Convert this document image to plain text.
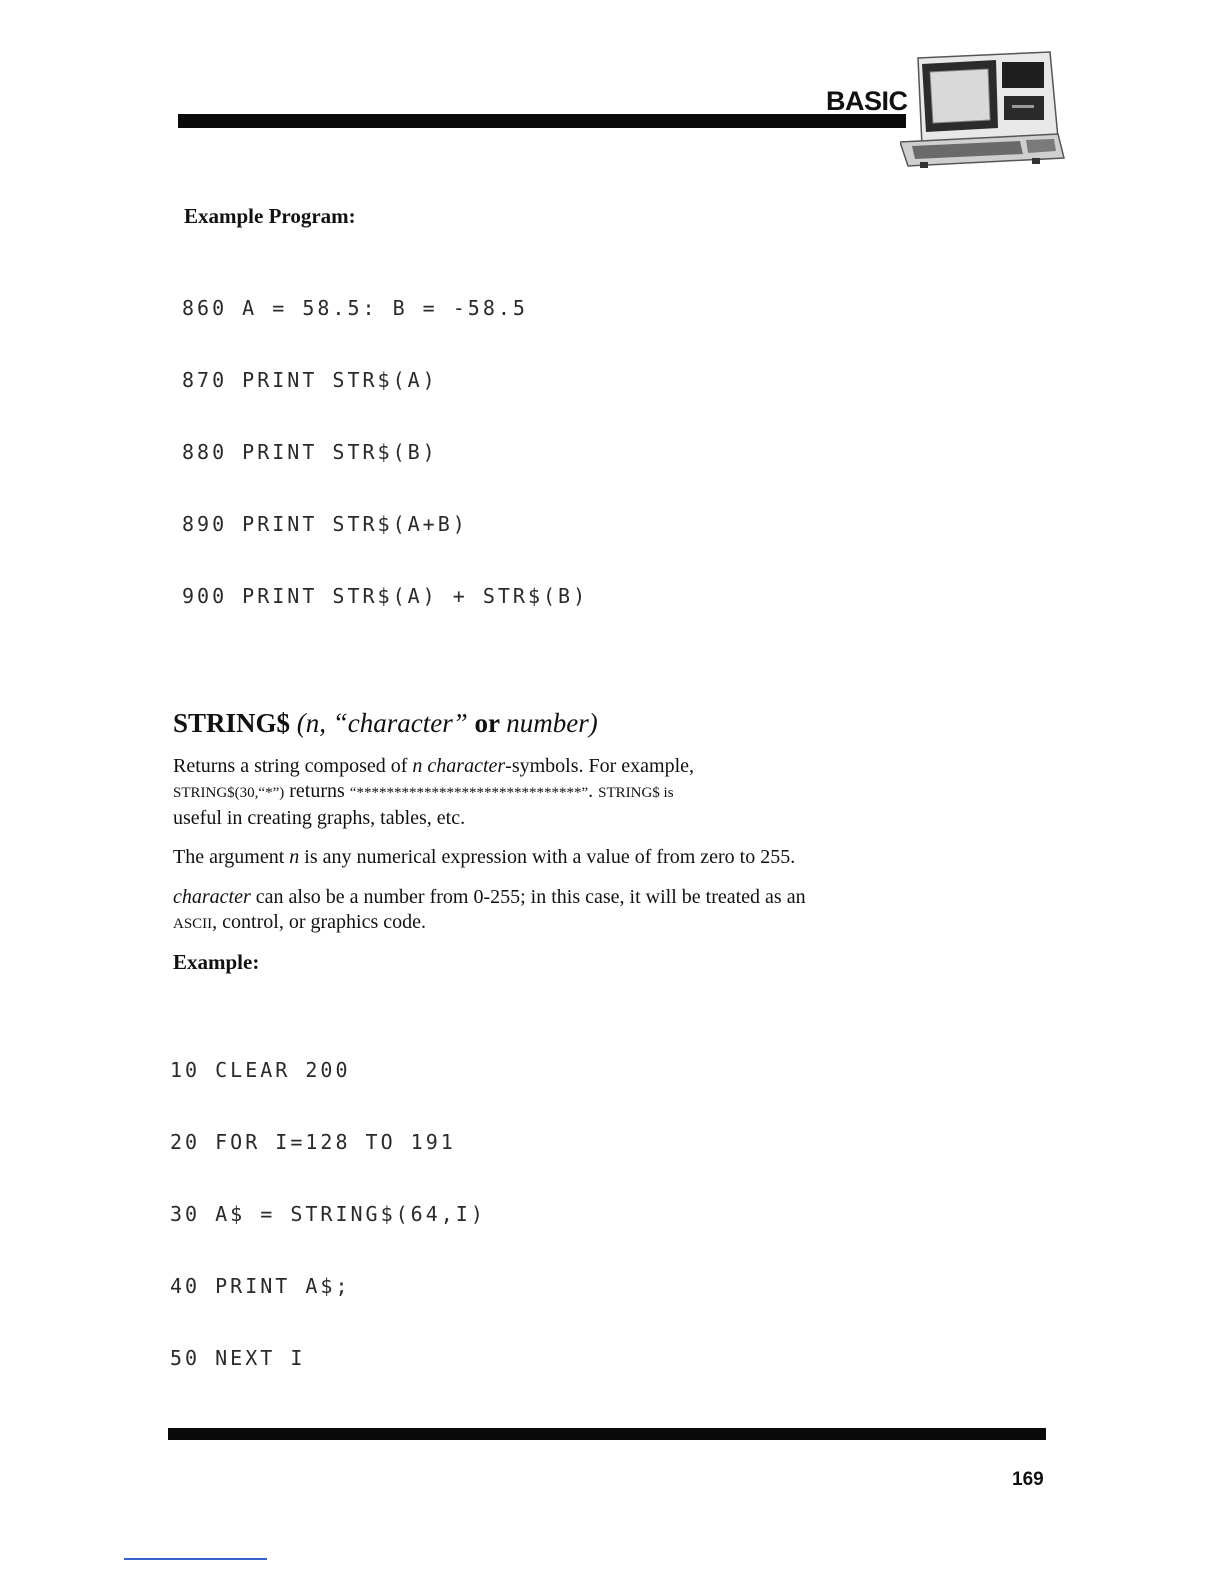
BASIC
Example Program:

860 A = 58.5: B = -58.5

870 PRINT STR$(A)

880 PRINT STR$(B)

890 PRINT STR$(A+B)

900 PRINT STR$(A) + STR$(B)

STRING$ (n, “character” or number)
Returns a string composed of n character-symbols. For example,
STRING$(30,“*”) returns “******************************”. STRING$ is
useful in creating graphs, tables, etc.
The argument n is any numerical expression with a value of from zero to 255.
character can also be a number from 0-255; in this case, it will be treated as an
ASCII, control, or graphics code.
Example:

10 CLEAR 200

20 FOR I=128 TO 191

30 A$ = STRING$(64,I)

40 PRINT A$;

50 NEXT I

169
